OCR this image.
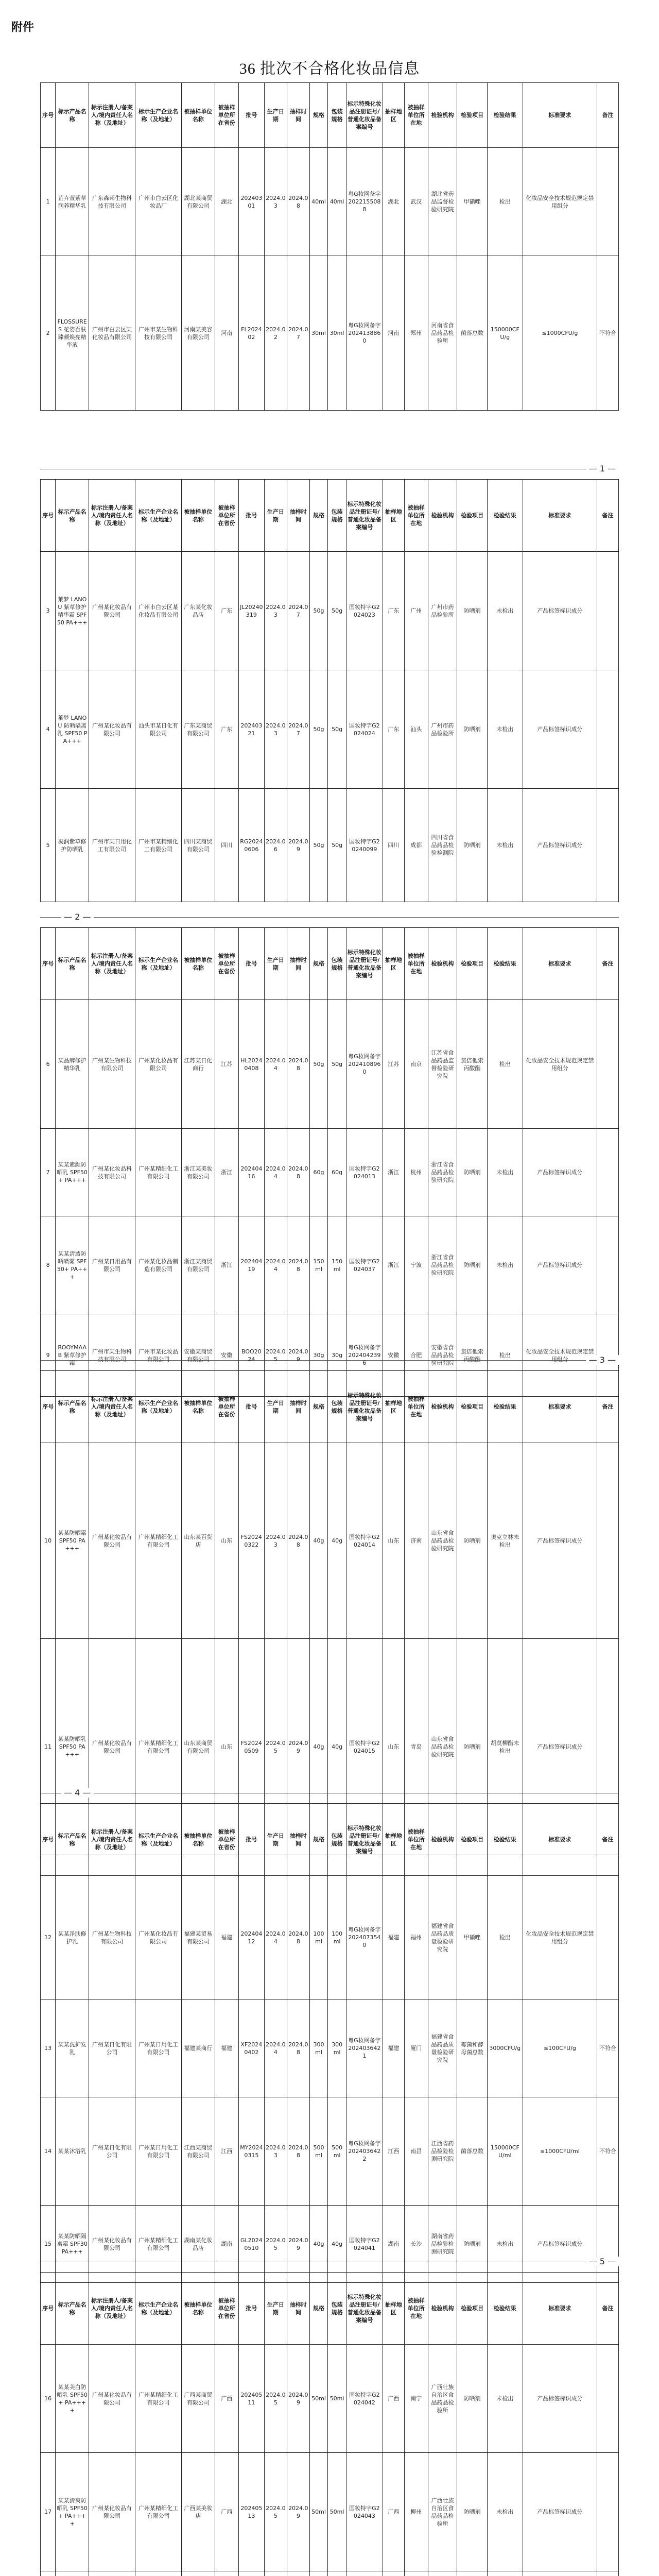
附件
36 批次不合格化妆品信息
序号	标示产品名称	标示注册人/备案人/境内责任人名称（及地址）	标示生产企业名称（及地址）	被抽样单位名称	被抽样单位所在省份	批号	生产日期	抽样时间	规格	包装规格	标示特殊化妆品注册证号/普通化妆品备案编号	抽样地区	被抽样单位所在地	检验机构	检验项目	检验结果	标准要求	备注
1	芷卉萱紫草润养精华乳	广东森邦生物科技有限公司	广州市白云区化妆品厂	湖北某商贸有限公司	湖北	20240301	2024.03	2024.08	40ml	40ml	粤G妆网备字2022155088	湖北	武汉	湖北省药品监督检验研究院	甲硝唑	检出	化妆品安全技术规范规定禁用组分	
2	FLOSSURES 花姿百肤臻颜焕亮精华液	广州市白云区某化妆品有限公司	广州市某生物科技有限公司	河南某美容有限公司	河南	FL202402	2024.02	2024.07	30ml	30ml	粤G妆网备字2024138860	河南	郑州	河南省食品药品检验所	菌落总数	150000CFU/g	≤1000CFU/g	不符合
— 1 —
序号	标示产品名称	标示注册人/备案人/境内责任人名称（及地址）	标示生产企业名称（及地址）	被抽样单位名称	被抽样单位所在省份	批号	生产日期	抽样时间	规格	包装规格	标示特殊化妆品注册证号/普通化妆品备案编号	抽样地区	被抽样单位所在地	检验机构	检验项目	检验结果	标准要求	备注
3	莱梦 LANOU 紫草修护精华霜 SPF50 PA+++	广州某化妆品有限公司	广州市白云区某化妆品有限公司	广东某化妆品店	广东	JL20240319	2024.03	2024.07	50g	50g	国妆特字G2024023	广东	广州	广州市药品检验所	防晒剂	未检出	产品标签标识成分	
4	莱梦 LANOU 防晒隔离乳 SPF50 PA+++	广州某化妆品有限公司	汕头市某日化有限公司	广东某商贸有限公司	广东	20240321	2024.03	2024.07	50g	50g	国妆特字G2024024	广东	汕头	广州市药品检验所	防晒剂	未检出	产品标签标识成分	
5	凝润紫草修护防晒乳	广州市某日用化工有限公司	广州市某精细化工有限公司	四川某商贸有限公司	四川	RG20240606	2024.06	2024.09	50g	50g	国妆特字G20240099	四川	成都	四川省食品药品检验检测院	防晒剂	未检出	产品标签标识成分	
— 2 —
序号	标示产品名称	标示注册人/备案人/境内责任人名称（及地址）	标示生产企业名称（及地址）	被抽样单位名称	被抽样单位所在省份	批号	生产日期	抽样时间	规格	包装规格	标示特殊化妆品注册证号/普通化妆品备案编号	抽样地区	被抽样单位所在地	检验机构	检验项目	检验结果	标准要求	备注
6	某品牌修护精华乳	广州某生物科技有限公司	广州某化妆品有限公司	江苏某日化商行	江苏	HL20240408	2024.04	2024.08	50g	50g	粤G妆网备字2024108960	江苏	南京	江苏省食品药品监督检验研究院	氯倍他索丙酸酯	检出	化妆品安全技术规范规定禁用组分	
7	某某素颜防晒乳 SPF50+ PA+++	广州某化妆品科技有限公司	广州某精细化工有限公司	浙江某美妆有限公司	浙江	20240416	2024.04	2024.08	60g	60g	国妆特字G2024013	浙江	杭州	浙江省食品药品检验研究院	防晒剂	未检出	产品标签标识成分	
8	某某清透防晒喷雾 SPF50+ PA+++	广州某日用品有限公司	广州某化妆品制造有限公司	浙江某商贸有限公司	浙江	20240419	2024.04	2024.08	150ml	150ml	国妆特字G2024037	浙江	宁波	浙江省食品药品检验研究院	防晒剂	未检出	产品标签标识成分	
9	BOOYMAAB 紫草修护霜	广州市某生物科技有限公司	广州市某化妆品有限公司	安徽某商贸有限公司	安徽	BOO2024	2024.05	2024.09	30g	30g	粤G妆网备字2024042396	安徽	合肥	安徽省食品药品检验研究院	氯倍他索丙酸酯	检出	化妆品安全技术规范规定禁用组分		— 3 —
序号	标示产品名称	标示注册人/备案人/境内责任人名称（及地址）	标示生产企业名称（及地址）	被抽样单位名称	被抽样单位所在省份	批号	生产日期	抽样时间	规格	包装规格	标示特殊化妆品注册证号/普通化妆品备案编号	抽样地区	被抽样单位所在地	检验机构	检验项目	检验结果	标准要求	备注
10	某某防晒霜 SPF50 PA+++	广州某化妆品有限公司	广州某精细化工有限公司	山东某百货店	山东	FS20240322	2024.03	2024.08	40g	40g	国妆特字G2024014	山东	济南	山东省食品药品检验研究院	防晒剂	奥克立林未检出	产品标签标识成分	
11	某某防晒乳 SPF50 PA+++	广州某化妆品有限公司	广州某精细化工有限公司	山东某商贸有限公司	山东	FS20240509	2024.05	2024.09	40g	40g	国妆特字G2024015	山东	青岛	山东省食品药品检验研究院	防晒剂	胡莫柳酯未检出	产品标签标识成分	
— 4 —
序号	标示产品名称	标示注册人/备案人/境内责任人名称（及地址）	标示生产企业名称（及地址）	被抽样单位名称	被抽样单位所在省份	批号	生产日期	抽样时间	规格	包装规格	标示特殊化妆品注册证号/普通化妆品备案编号	抽样地区	被抽样单位所在地	检验机构	检验项目	检验结果	标准要求	备注
12	某某净肤修护乳	广州某生物科技有限公司	广州某化妆品有限公司	福建某贸易有限公司	福建	20240412	2024.04	2024.08	100ml	100ml	粤G妆网备字2024073540	福建	福州	福建省食品药品质量检验研究院	甲硝唑	检出	化妆品安全技术规范规定禁用组分	
13	某某洗护发乳	广州某日化有限公司	广州某日用化工有限公司	福建某商行	福建	XF20240402	2024.04	2024.08	300ml	300ml	粤G妆网备字2024036421	福建	厦门	福建省食品药品质量检验研究院	霉菌和酵母菌总数	3000CFU/g	≤100CFU/g	不符合
14	某某沐浴乳	广州某日化有限公司	广州某日用化工有限公司	江西某商贸有限公司	江西	MY20240315	2024.03	2024.08	500ml	500ml	粤G妆网备字2024036422	江西	南昌	江西省药品检验检测研究院	菌落总数	150000CFU/ml	≤1000CFU/ml	不符合
15	某某防晒隔离霜 SPF30 PA+++	广州某化妆品有限公司	广州某精细化工有限公司	湖南某化妆品店	湖南	GL20240510	2024.05	2024.09	40g	40g	国妆特字G2024041	湖南	长沙	湖南省药品检验检测研究院	防晒剂	未检出	产品标签标识成分	
— 5 —
序号	标示产品名称	标示注册人/备案人/境内责任人名称（及地址）	标示生产企业名称（及地址）	被抽样单位名称	被抽样单位所在省份	批号	生产日期	抽样时间	规格	包装规格	标示特殊化妆品注册证号/普通化妆品备案编号	抽样地区	被抽样单位所在地	检验机构	检验项目	检验结果	标准要求	备注
16	某某美白防晒乳 SPF50+ PA++++	广州某化妆品有限公司	广州某精细化工有限公司	广西某商贸有限公司	广西	20240511	2024.05	2024.09	50ml	50ml	国妆特字G2024042	广西	南宁	广西壮族自治区食品药品检验所	防晒剂	未检出	产品标签标识成分	
17	某某清爽防晒乳 SPF50+ PA++++	广州某化妆品有限公司	广州某精细化工有限公司	广西某美妆店	广西	20240513	2024.05	2024.09	50ml	50ml	国妆特字G2024043	广西	柳州	广西壮族自治区食品药品检验所	防晒剂	未检出	产品标签标识成分	
